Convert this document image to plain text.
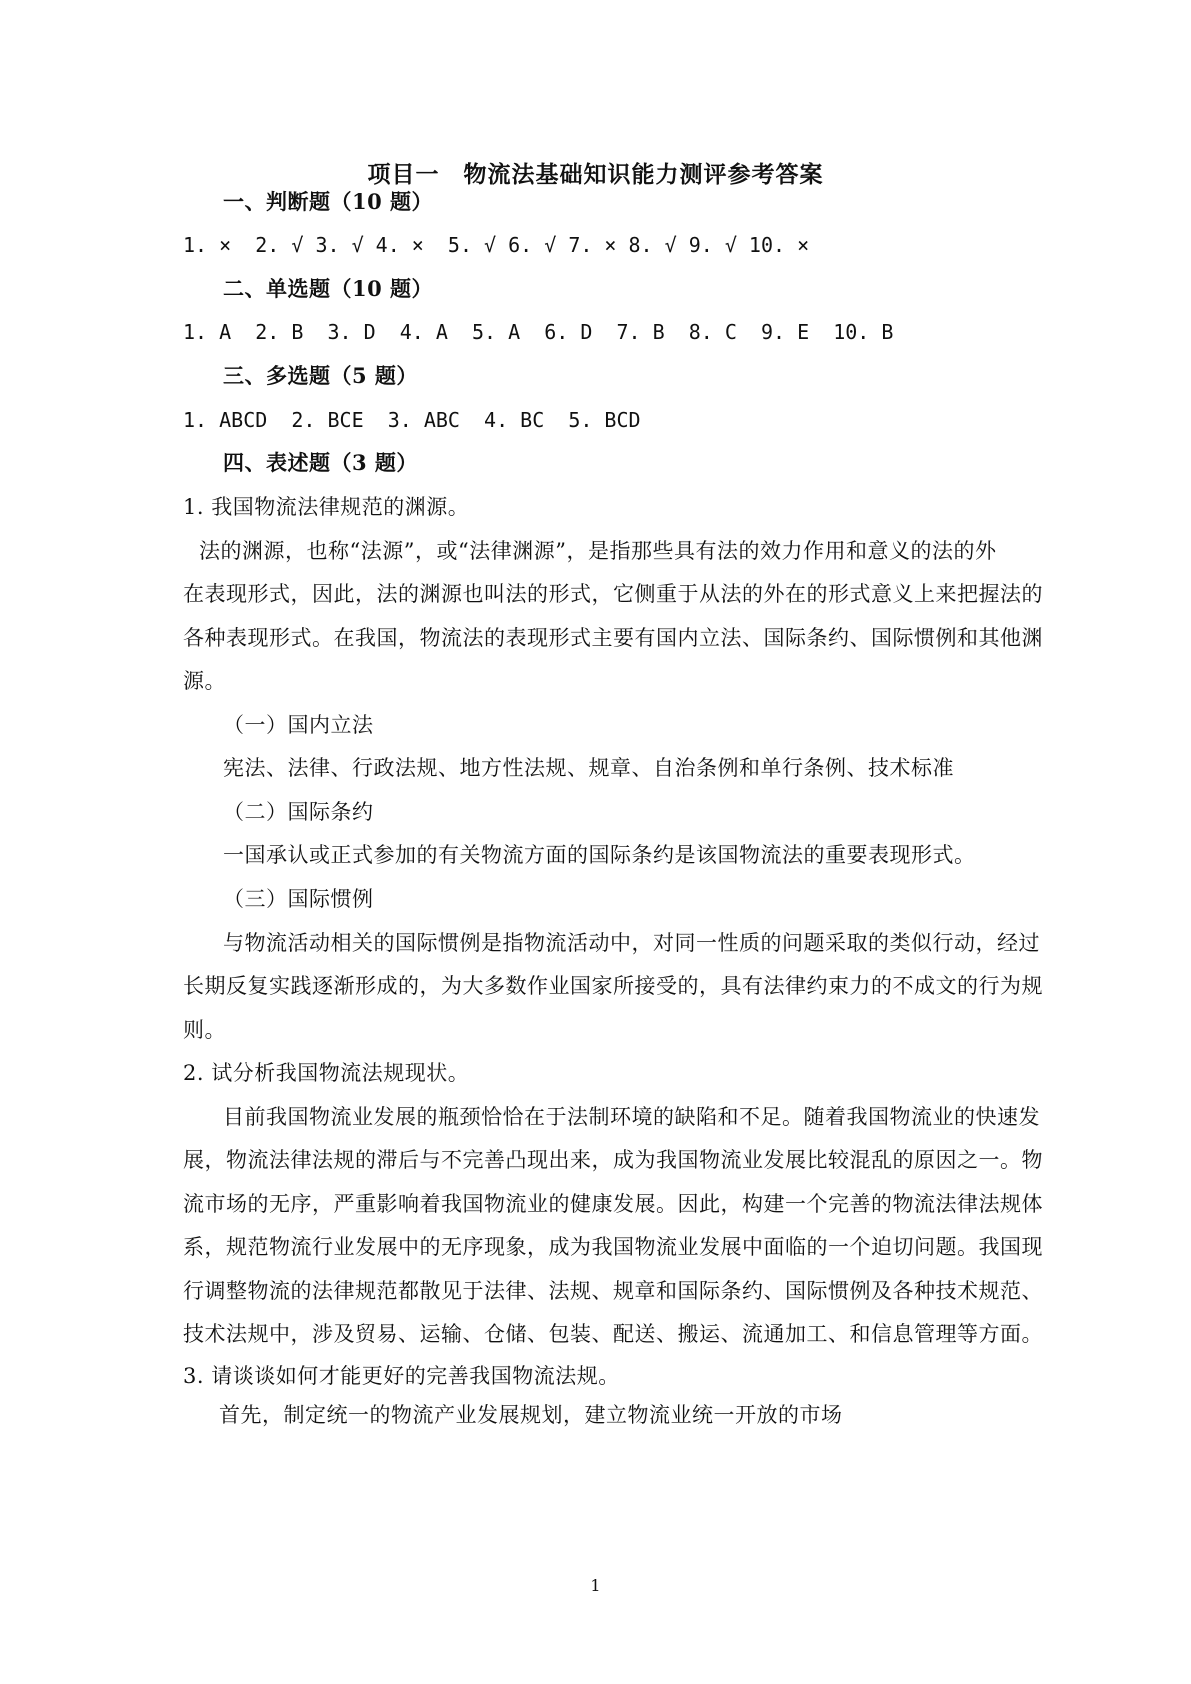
项目一　物流法基础知识能力测评参考答案
一、判断题（10 题）
1. ×  2. √ 3. √ 4. ×  5. √ 6. √ 7. × 8. √ 9. √ 10. ×
二、单选题（10 题）
1. A  2. B  3. D  4. A  5. A  6. D  7. B  8. C  9. E  10. B
三、多选题（5 题）
1. ABCD  2. BCE  3. ABC  4. BC  5. BCD
四、表述题（3 题）
1. 我国物流法律规范的渊源。
法的渊源，也称“法源”，或“法律渊源”，是指那些具有法的效力作用和意义的法的外
在表现形式，因此，法的渊源也叫法的形式，它侧重于从法的外在的形式意义上来把握法的
各种表现形式。在我国，物流法的表现形式主要有国内立法、国际条约、国际惯例和其他渊
源。
（一）国内立法
宪法、法律、行政法规、地方性法规、规章、自治条例和单行条例、技术标准
（二）国际条约
一国承认或正式参加的有关物流方面的国际条约是该国物流法的重要表现形式。
（三）国际惯例
与物流活动相关的国际惯例是指物流活动中，对同一性质的问题采取的类似行动，经过
长期反复实践逐渐形成的，为大多数作业国家所接受的，具有法律约束力的不成文的行为规
则。
2. 试分析我国物流法规现状。
目前我国物流业发展的瓶颈恰恰在于法制环境的缺陷和不足。随着我国物流业的快速发
展，物流法律法规的滞后与不完善凸现出来，成为我国物流业发展比较混乱的原因之一。物
流市场的无序，严重影响着我国物流业的健康发展。因此，构建一个完善的物流法律法规体
系，规范物流行业发展中的无序现象，成为我国物流业发展中面临的一个迫切问题。我国现
行调整物流的法律规范都散见于法律、法规、规章和国际条约、国际惯例及各种技术规范、
技术法规中，涉及贸易、运输、仓储、包装、配送、搬运、流通加工、和信息管理等方面。
3. 请谈谈如何才能更好的完善我国物流法规。
首先，制定统一的物流产业发展规划，建立物流业统一开放的市场
1
